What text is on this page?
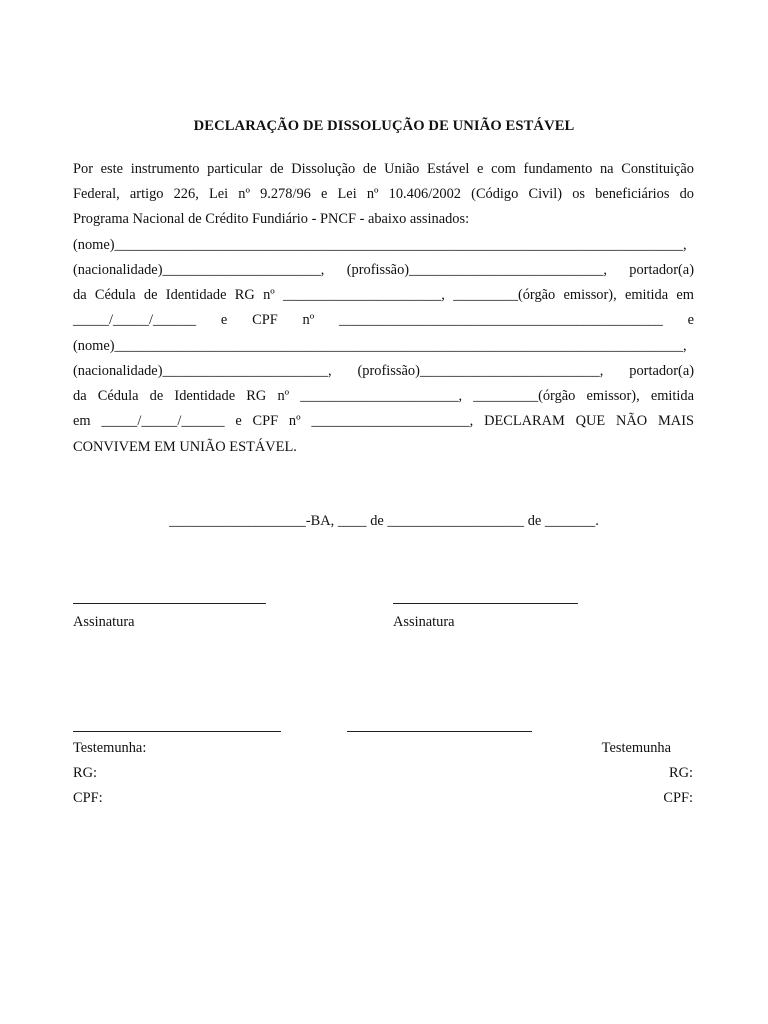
DECLARAÇÃO DE DISSOLUÇÃO DE UNIÃO ESTÁVEL
Por este instrumento particular de Dissolução de União Estável e com fundamento na Constituição
Federal, artigo 226, Lei nº 9.278/96 e Lei nº 10.406/2002 (Código Civil) os beneficiários do
Programa Nacional de Crédito Fundiário - PNCF - abaixo assinados:
(nome)_______________________________________________________________________________,
(nacionalidade)______________________, (profissão)___________________________, portador(a)
da Cédula de Identidade RG nº ______________________, _________(órgão emissor), emitida em
_____/_____/______ e CPF nº _____________________________________________ e
(nome)_______________________________________________________________________________,
(nacionalidade)_______________________, (profissão)_________________________, portador(a)
da Cédula de Identidade RG nº ______________________, _________(órgão emissor), emitida
em _____/_____/______ e CPF nº ______________________, DECLARAM QUE NÃO MAIS
CONVIVEM EM UNIÃO ESTÁVEL.
___________________-BA, ____ de ___________________ de _______.
Assinatura	Assinatura
Testemunha:	Testemunha
RG:	RG:
CPF:	CPF:
